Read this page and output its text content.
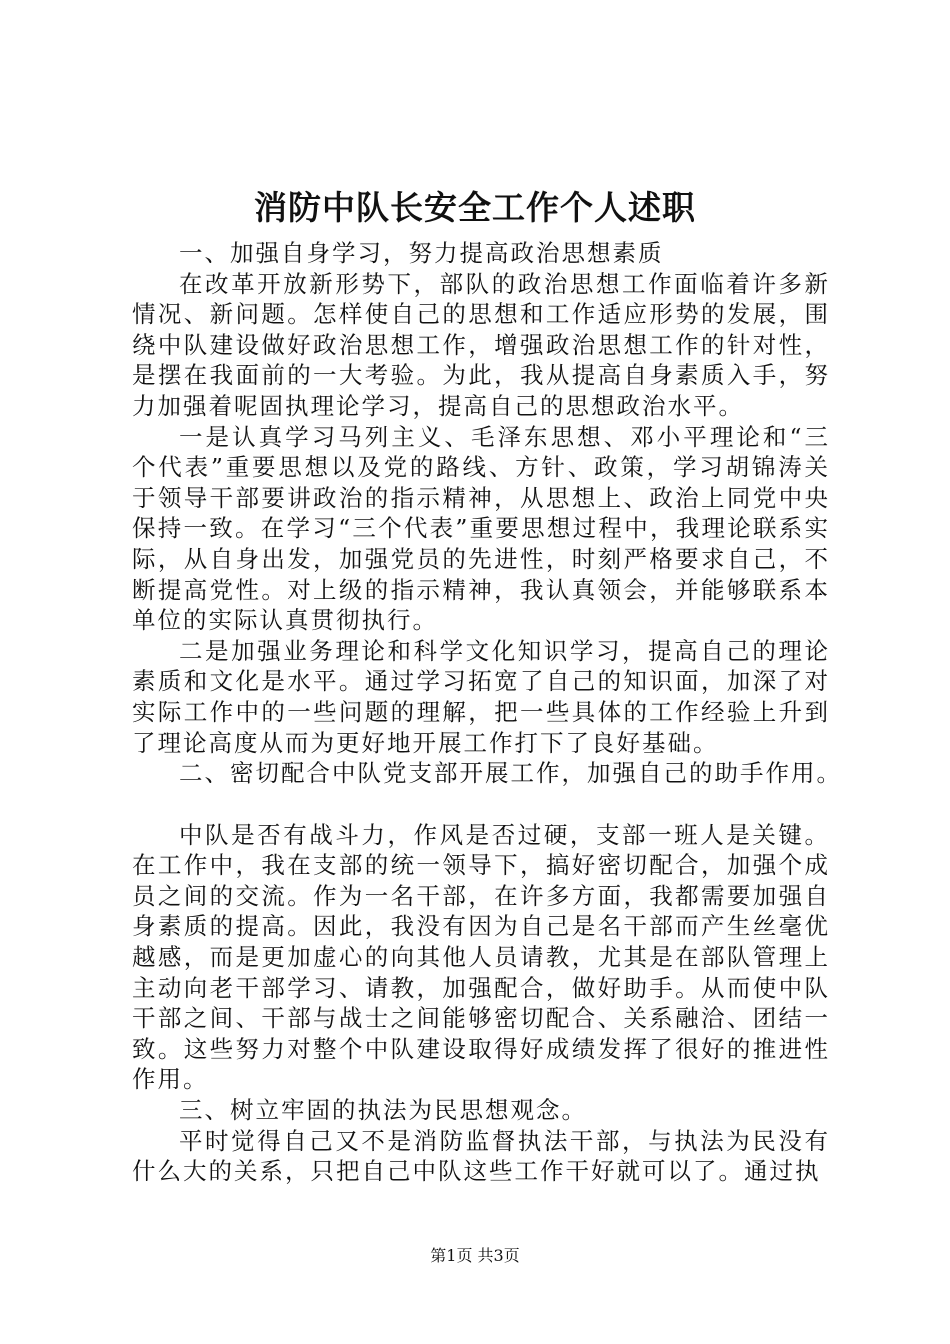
消防中队长安全工作个人述职

一、加强自身学习，努力提高政治思想素质

在改革开放新形势下，部队的政治思想工作面临着许多新情况、新问题。怎样使自己的思想和工作适应形势的发展，围绕中队建设做好政治思想工作，增强政治思想工作的针对性，是摆在我面前的一大考验。为此，我从提高自身素质入手，努力加强着呢固执理论学习，提高自己的思想政治水平。

一是认真学习马列主义、毛泽东思想、邓小平理论和“三个代表”重要思想以及党的路线、方针、政策，学习胡锦涛关于领导干部要讲政治的指示精神，从思想上、政治上同党中央保持一致。在学习“三个代表”重要思想过程中，我理论联系实际，从自身出发，加强党员的先进性，时刻严格要求自己，不断提高党性。对上级的指示精神，我认真领会，并能够联系本单位的实际认真贯彻执行。

二是加强业务理论和科学文化知识学习，提高自己的理论素质和文化是水平。通过学习拓宽了自己的知识面，加深了对实际工作中的一些问题的理解，把一些具体的工作经验上升到了理论高度从而为更好地开展工作打下了良好基础。

二、密切配合中队党支部开展工作，加强自己的助手作用。

中队是否有战斗力，作风是否过硬，支部一班人是关键。在工作中，我在支部的统一领导下，搞好密切配合，加强个成员之间的交流。作为一名干部，在许多方面，我都需要加强自身素质的提高。因此，我没有因为自己是名干部而产生丝毫优越感，而是更加虚心的向其他人员请教，尤其是在部队管理上主动向老干部学习、请教，加强配合，做好助手。从而使中队干部之间、干部与战士之间能够密切配合、关系融洽、团结一致。这些努力对整个中队建设取得好成绩发挥了很好的推进性作用。

三、树立牢固的执法为民思想观念。

平时觉得自己又不是消防监督执法干部，与执法为民没有什么大的关系，只把自己中队这些工作干好就可以了。通过执

第1页 共3页
